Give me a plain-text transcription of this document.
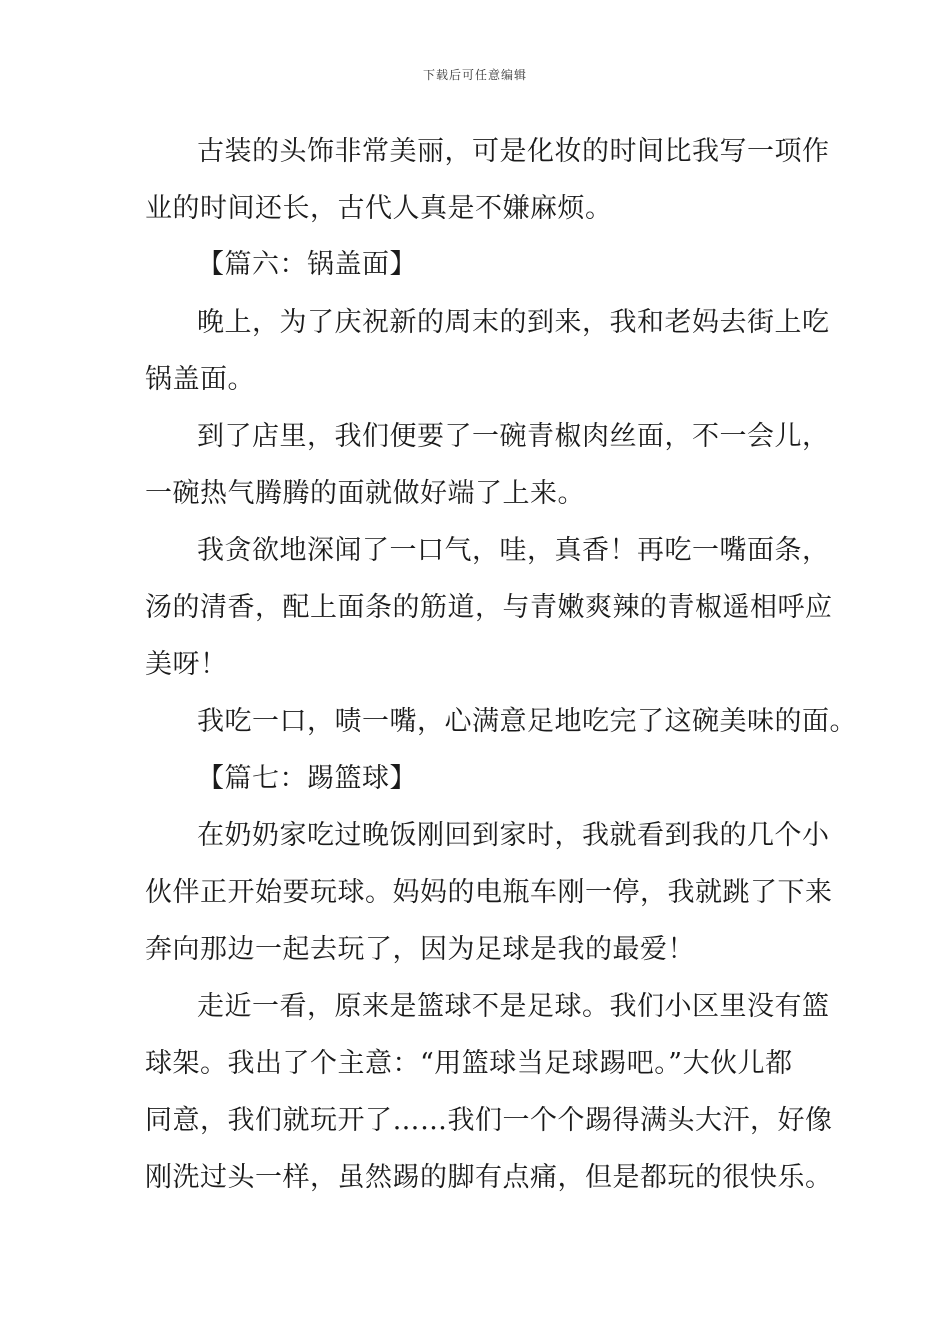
下载后可任意编辑
古装的头饰非常美丽，可是化妆的时间比我写一项作
业的时间还长，古代人真是不嫌麻烦。
【篇六：锅盖面】
晚上，为了庆祝新的周末的到来，我和老妈去街上吃
锅盖面。
到了店里，我们便要了一碗青椒肉丝面，不一会儿，
一碗热气腾腾的面就做好端了上来。
我贪欲地深闻了一口气，哇，真香！再吃一嘴面条，
汤的清香，配上面条的筋道，与青嫩爽辣的青椒遥相呼应
美呀！
我吃一口，啧一嘴，心满意足地吃完了这碗美味的面。
【篇七：踢篮球】
在奶奶家吃过晚饭刚回到家时，我就看到我的几个小
伙伴正开始要玩球。妈妈的电瓶车刚一停，我就跳了下来
奔向那边一起去玩了，因为足球是我的最爱！
走近一看，原来是篮球不是足球。我们小区里没有篮
球架。我出了个主意：“用篮球当足球踢吧。”大伙儿都
同意，我们就玩开了……我们一个个踢得满头大汗，好像
刚洗过头一样，虽然踢的脚有点痛，但是都玩的很快乐。
